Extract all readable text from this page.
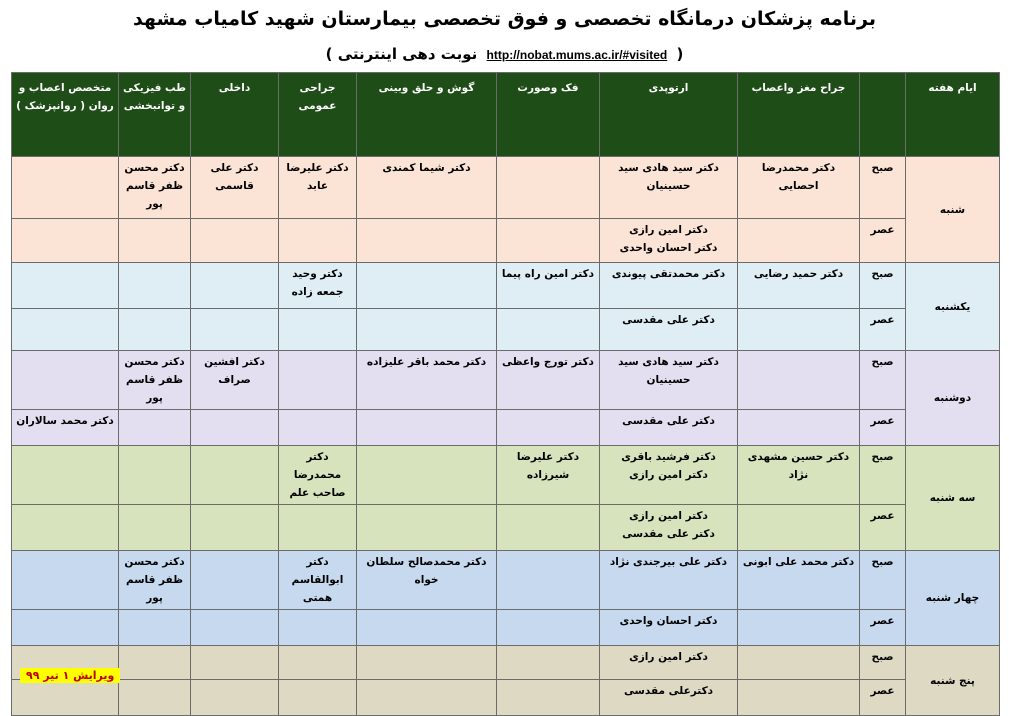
برنامه پزشکان درمانگاه تخصصی و فوق تخصصی بیمارستان شهید کامیاب مشهد
( نوبت دهی اینترنتی http://nobat.mums.ac.ir/#visited )
ایام هفته		جراح مغز واعصاب	ارتوپدی	فک وصورت	گوش و حلق وبینی	جراحی عمومی	داخلی	طب فیزیکی و توانبخشی	متخصص اعصاب و روان ( روانپزشک )
شنبه	صبح	دکتر محمدرضا احصایی	دکتر سید هادی سید حسینیان		دکتر شیما کمندی	دکتر علیرضا عابد	دکتر علی قاسمی	دکتر محسن ظفر قاسم پور	
	عصر		دکتر امین رازی
دکتر احسان واحدی						
یکشنبه	صبح	دکتر حمید رضایی	دکتر محمدتقی پیوندی	دکتر امین راه پیما		دکتر وحید جمعه زاده			
	عصر		دکتر علی مقدسی						
دوشنبه	صبح		دکتر سید هادی سید حسینیان	دکتر تورج واعظی	دکتر محمد باقر علیزاده		دکتر افشین صراف	دکتر محسن ظفر قاسم پور	
	عصر		دکتر علی مقدسی						دکتر محمد سالاران
سه شنبه	صبح	دکتر حسین مشهدی نژاد	دکتر فرشید باقری
دکتر امین رازی	دکتر علیرضا شیرزاده		دکتر محمدرضا صاحب علم			
	عصر		دکتر امین رازی
دکتر علی مقدسی						
چهار شنبه	صبح	دکتر محمد علی ابونی	دکتر علی بیرجندی نژاد		دکتر محمدصالح سلطان خواه	دکتر ابوالقاسم همتی		دکتر محسن ظفر قاسم پور	
	عصر		دکتر احسان واحدی						
پنج شنبه	صبح		دکتر امین رازی						
	عصر		دکترعلی مقدسی						
ویرایش ۱ تیر ۹۹
